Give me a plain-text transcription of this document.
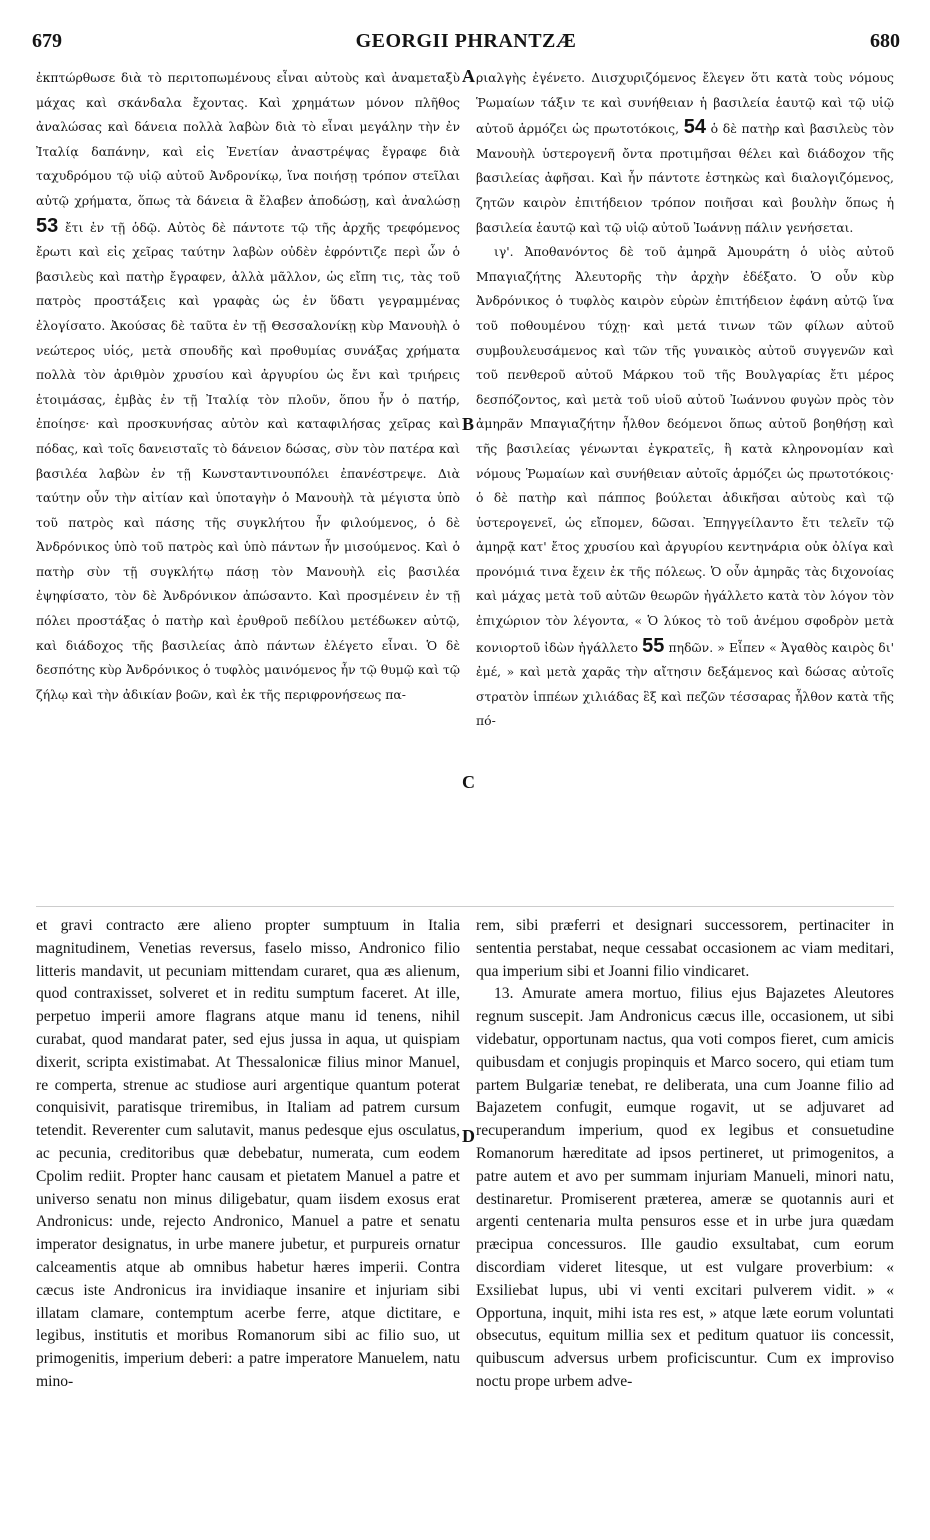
679	GEORGII PHRANTZÆ	680

ἐκπτώρθωσε διὰ τὸ περιτοπωμένους εἶναι αὐτοὺς καὶ ἀναμεταξὺ μάχας καὶ σκάνδαλα ἔχοντας. Καὶ χρημάτων μόνον πλῆθος ἀναλώσας καὶ δάνεια πολλὰ λαβὼν διὰ τὸ εἶναι μεγάλην τὴν ἐν Ἰταλίᾳ δαπάνην, καὶ εἰς Ἐνετίαν ἀναστρέψας ἔγραφε διὰ ταχυδρόμου τῷ υἱῷ αὐτοῦ Ἀνδρονίκῳ, ἵνα ποιήσῃ τρόπον στεῖλαι αὐτῷ χρήματα, ὅπως τὰ δάνεια ἃ ἔλαβεν ἀποδώσῃ, καὶ ἀναλώσῃ 53 ἔτι ἐν τῇ ὁδῷ. Αὐτὸς δὲ πάντοτε τῷ τῆς ἀρχῆς τρεφόμενος ἔρωτι καὶ εἰς χεῖρας ταύτην λαβὼν οὐδὲν ἐφρόντιζε περὶ ὧν ὁ βασιλεὺς καὶ πατὴρ ἔγραφεν, ἀλλὰ μᾶλλον, ὡς εἴπη τις, τὰς τοῦ πατρὸς προστάξεις καὶ γραφὰς ὡς ἐν ὕδατι γεγραμμένας ἐλογίσατο. Ἀκούσας δὲ ταῦτα ἐν τῇ Θεσσαλονίκῃ κὺρ Μανουὴλ ὁ νεώτερος υἱός, μετὰ σπουδῆς καὶ προθυμίας συνάξας χρήματα πολλὰ τὸν ἀριθμὸν χρυσίου καὶ ἀργυρίου ὡς ἔνι καὶ τριήρεις ἑτοιμάσας, ἐμβὰς ἐν τῇ Ἰταλίᾳ τὸν πλοῦν, ὅπου ἦν ὁ πατήρ, ἐποίησε· καὶ προσκυνήσας αὐτὸν καὶ καταφιλήσας χεῖρας καὶ πόδας, καὶ τοῖς δανεισταῖς τὸ δάνειον δώσας, σὺν τὸν πατέρα καὶ βασιλέα λαβὼν ἐν τῇ Κωνσταντινουπόλει ἐπανέστρεψε. Διὰ ταύτην οὖν τὴν αἰτίαν καὶ ὑποταγὴν ὁ Μανουὴλ τὰ μέγιστα ὑπὸ τοῦ πατρὸς καὶ πάσης τῆς συγκλήτου ἦν φιλούμενος, ὁ δὲ Ἀνδρόνικος ὑπὸ τοῦ πατρὸς καὶ ὑπὸ πάντων ἦν μισούμενος. Καὶ ὁ πατὴρ σὺν τῇ συγκλήτῳ πάσῃ τὸν Μανουὴλ εἰς βασιλέα ἐψηφίσατο, τὸν δὲ Ἀνδρόνικον ἀπώσαντο. Καὶ προσμένειν ἐν τῇ πόλει προστάξας ὁ πατὴρ καὶ ἐρυθροῦ πεδίλου μετέδωκεν αὐτῷ, καὶ διάδοχος τῆς βασιλείας ἀπὸ πάντων ἐλέγετο εἶναι. Ὁ δὲ δεσπότης κὺρ Ἀνδρόνικος ὁ τυφλὸς μαινόμενος ἦν τῷ θυμῷ καὶ τῷ ζήλῳ καὶ τὴν ἀδικίαν βοῶν, καὶ ἐκ τῆς περιφρονήσεως πα-

ριαλγὴς ἐγένετο. Διισχυριζόμενος ἔλεγεν ὅτι κατὰ τοὺς νόμους Ῥωμαίων τάξιν τε καὶ συνήθειαν ἡ βασιλεία ἑαυτῷ καὶ τῷ υἱῷ αὐτοῦ ἁρμόζει ὡς πρωτοτόκοις, 54 ὁ δὲ πατὴρ καὶ βασιλεὺς τὸν Μανουὴλ ὑστερογενῆ ὄντα προτιμῆσαι θέλει καὶ διάδοχον τῆς βασιλείας ἀφῆσαι. Καὶ ἦν πάντοτε ἑστηκὼς καὶ διαλογιζόμενος, ζητῶν καιρὸν ἐπιτήδειον τρόπον ποιῆσαι καὶ βουλὴν ὅπως ἡ βασιλεία ἑαυτῷ καὶ τῷ υἱῷ αὐτοῦ Ἰωάννῃ πάλιν γενήσεται.

ιγ'. Ἀποθανόντος δὲ τοῦ ἀμηρᾶ Ἀμουράτη ὁ υἱὸς αὐτοῦ Μπαγιαζήτης Ἀλευτορῆς τὴν ἀρχὴν ἐδέξατο. Ὁ οὖν κὺρ Ἀνδρόνικος ὁ τυφλὸς καιρὸν εὑρὼν ἐπιτήδειον ἐφάνη αὐτῷ ἵνα τοῦ ποθουμένου τύχῃ· καὶ μετά τινων τῶν φίλων αὐτοῦ συμβουλευσάμενος καὶ τῶν τῆς γυναικὸς αὐτοῦ συγγενῶν καὶ τοῦ πενθεροῦ αὐτοῦ Μάρκου τοῦ τῆς Βουλγαρίας ἔτι μέρος δεσπόζοντος, καὶ μετὰ τοῦ υἱοῦ αὐτοῦ Ἰωάννου φυγὼν πρὸς τὸν ἀμηρᾶν Μπαγιαζήτην ἦλθον δεόμενοι ὅπως αὐτοῦ βοηθήσῃ καὶ τῆς βασιλείας γένωνται ἐγκρατεῖς, ἣ κατὰ κληρονομίαν καὶ νόμους Ῥωμαίων καὶ συνήθειαν αὐτοῖς ἁρμόζει ὡς πρωτοτόκοις· ὁ δὲ πατὴρ καὶ πάππος βούλεται ἀδικῆσαι αὐτοὺς καὶ τῷ ὑστερογενεῖ, ὡς εἴπομεν, δῶσαι. Ἐπηγγείλαντο ἔτι τελεῖν τῷ ἀμηρᾷ κατ' ἔτος χρυσίου καὶ ἀργυρίου κεντηνάρια οὐκ ὀλίγα καὶ προνόμιά τινα ἔχειν ἐκ τῆς πόλεως. Ὁ οὖν ἀμηρᾶς τὰς διχονοίας καὶ μάχας μετὰ τοῦ αὐτῶν θεωρῶν ἠγάλλετο κατὰ τὸν λόγον τὸν ἐπιχώριον τὸν λέγοντα, « Ὁ λύκος τὸ τοῦ ἀνέμου σφοδρὸν μετὰ κονιορτοῦ ἰδὼν ἠγάλλετο 55 πηδῶν. » Εἶπεν « Ἀγαθὸς καιρὸς δι' ἐμέ, » καὶ μετὰ χαρᾶς τὴν αἴτησιν δεξάμενος καὶ δώσας αὐτοῖς στρατὸν ἱππέων χιλιάδας ἓξ καὶ πεζῶν τέσσαρας ἦλθον κατὰ τῆς πό-

A
B
C
D

et gravi contracto ære alieno propter sumptuum in Italia magnitudinem, Venetias reversus, faselo misso, Andronico filio litteris mandavit, ut pecuniam mittendam curaret, qua æs alienum, quod contraxisset, solveret et in reditu sumptum faceret. At ille, perpetuo imperii amore flagrans atque manu id tenens, nihil curabat, quod mandarat pater, sed ejus jussa in aqua, ut quispiam dixerit, scripta existimabat. At Thessalonicæ filius minor Manuel, re comperta, strenue ac studiose auri argentique quantum poterat conquisivit, paratisque triremibus, in Italiam ad patrem cursum tetendit. Reverenter cum salutavit, manus pedesque ejus osculatus, ac pecunia, creditoribus quæ debebatur, numerata, cum eodem Cpolim rediit. Propter hanc causam et pietatem Manuel a patre et universo senatu non minus diligebatur, quam iisdem exosus erat Andronicus: unde, rejecto Andronico, Manuel a patre et senatu imperator designatus, in urbe manere jubetur, et purpureis ornatur calceamentis atque ab omnibus habetur hæres imperii. Contra cæcus iste Andronicus ira invidiaque insanire et injuriam sibi illatam clamare, contemptum acerbe ferre, atque dictitare, e legibus, institutis et moribus Romanorum sibi ac filio suo, ut primogenitis, imperium deberi: a patre imperatore Manuelem, natu mino-

rem, sibi præferri et designari successorem, pertinaciter in sententia perstabat, neque cessabat occasionem ac viam meditari, qua imperium sibi et Joanni filio vindicaret.

13. Amurate amera mortuo, filius ejus Bajazetes Aleutores regnum suscepit. Jam Andronicus cæcus ille, occasionem, ut sibi videbatur, opportunam nactus, qua voti compos fieret, cum amicis quibusdam et conjugis propinquis et Marco socero, qui etiam tum partem Bulgariæ tenebat, re deliberata, una cum Joanne filio ad Bajazetem confugit, eumque rogavit, ut se adjuvaret ad recuperandum imperium, quod ex legibus et consuetudine Romanorum hæreditate ad ipsos pertineret, ut primogenitos, a patre autem et avo per summam injuriam Manueli, minori natu, destinaretur. Promiserent præterea, ameræ se quotannis auri et argenti centenaria multa pensuros esse et in urbe jura quædam præcipua concessuros. Ille gaudio exsultabat, cum eorum discordiam videret litesque, ut est vulgare proverbium: « Exsiliebat lupus, ubi vi venti excitari pulverem vidit. » « Opportuna, inquit, mihi ista res est, » atque læte eorum voluntati obsecutus, equitum millia sex et peditum quatuor iis concessit, quibuscum adversus urbem proficiscuntur. Cum ex improviso noctu prope urbem adve-
